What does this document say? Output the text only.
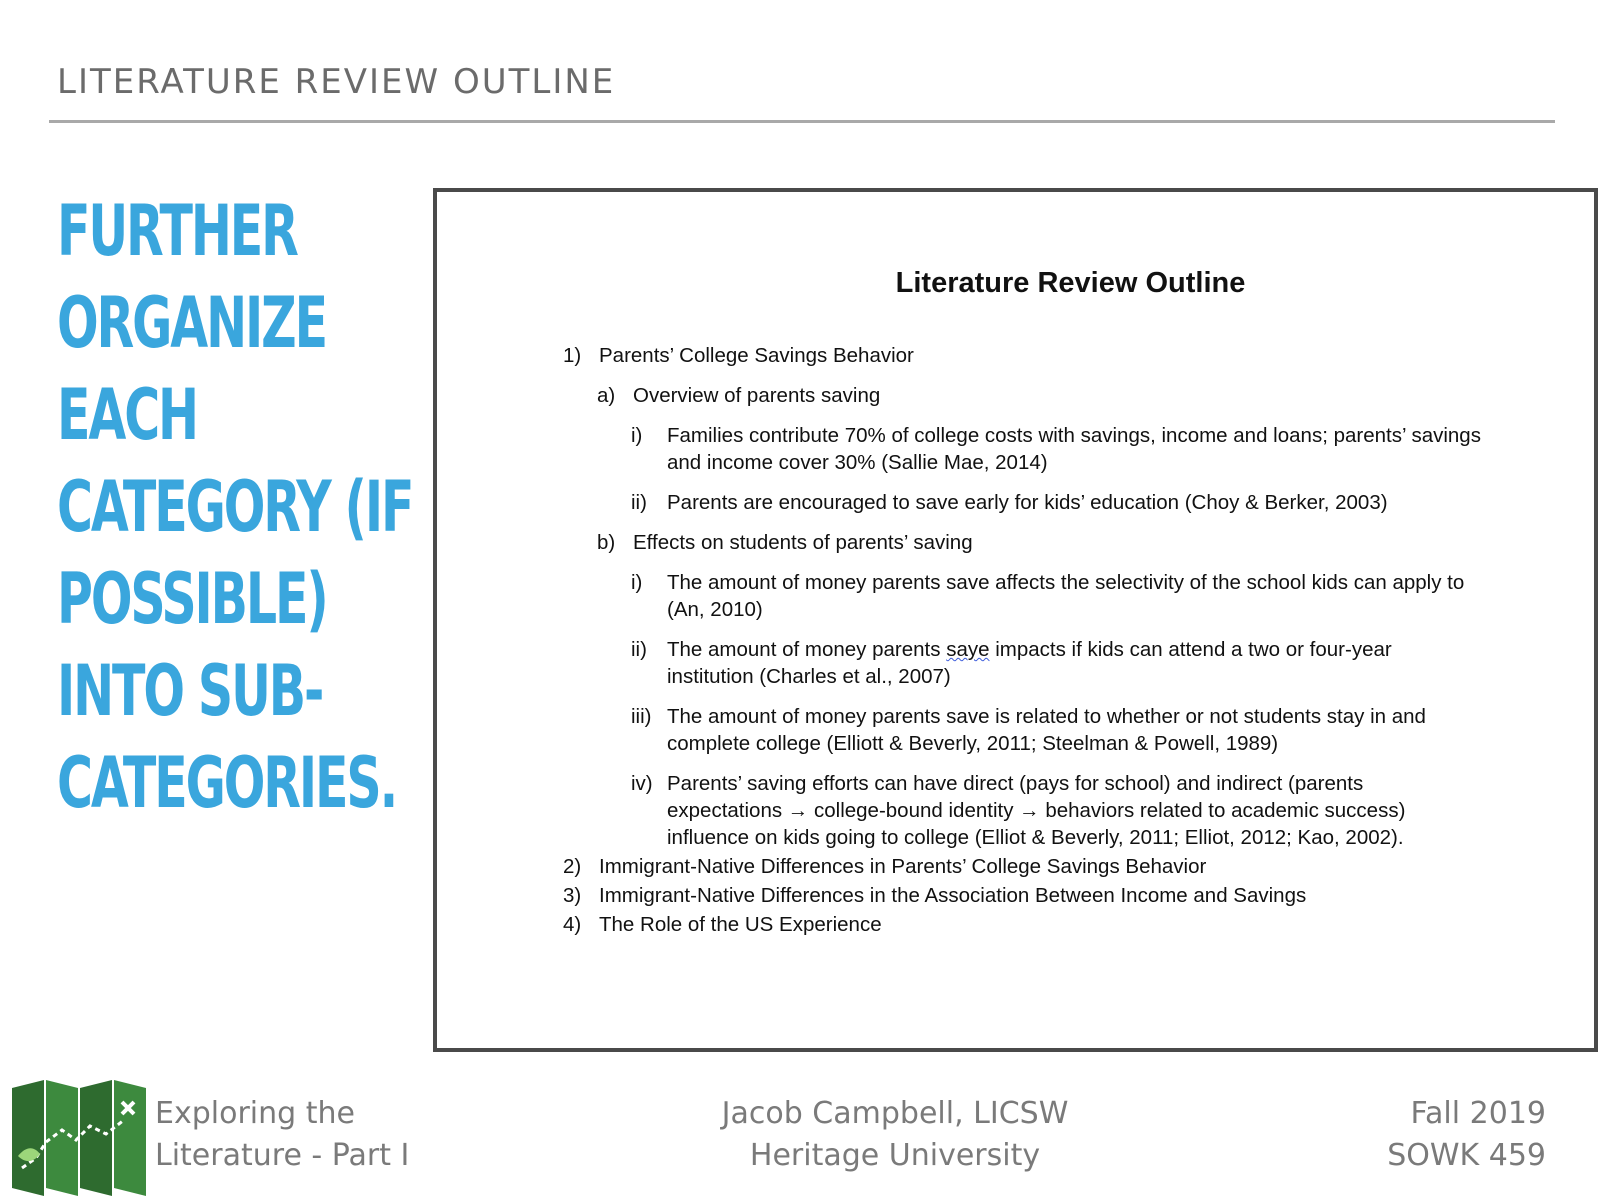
LITERATURE REVIEW OUTLINE
FURTHER ORGANIZE EACH CATEGORY (IF POSSIBLE) INTO SUB-CATEGORIES.
Literature Review Outline
1) Parents’ College Savings Behavior
a) Overview of parents saving
i) Families contribute 70% of college costs with savings, income and loans; parents’ savings and income cover 30% (Sallie Mae, 2014)
ii) Parents are encouraged to save early for kids’ education (Choy & Berker, 2003)
b) Effects on students of parents’ saving
i) The amount of money parents save affects the selectivity of the school kids can apply to (An, 2010)
ii) The amount of money parents saye impacts if kids can attend a two or four-year institution (Charles et al., 2007)
iii) The amount of money parents save is related to whether or not students stay in and complete college (Elliott & Beverly, 2011; Steelman & Powell, 1989)
iv) Parents’ saving efforts can have direct (pays for school) and indirect (parents expectations → college-bound identity → behaviors related to academic success) influence on kids going to college (Elliot & Beverly, 2011; Elliot, 2012; Kao, 2002).
2) Immigrant-Native Differences in Parents’ College Savings Behavior
3) Immigrant-Native Differences in the Association Between Income and Savings
4) The Role of the US Experience
Exploring the
Literature - Part I
Jacob Campbell, LICSW
Heritage University
Fall 2019
SOWK 459
